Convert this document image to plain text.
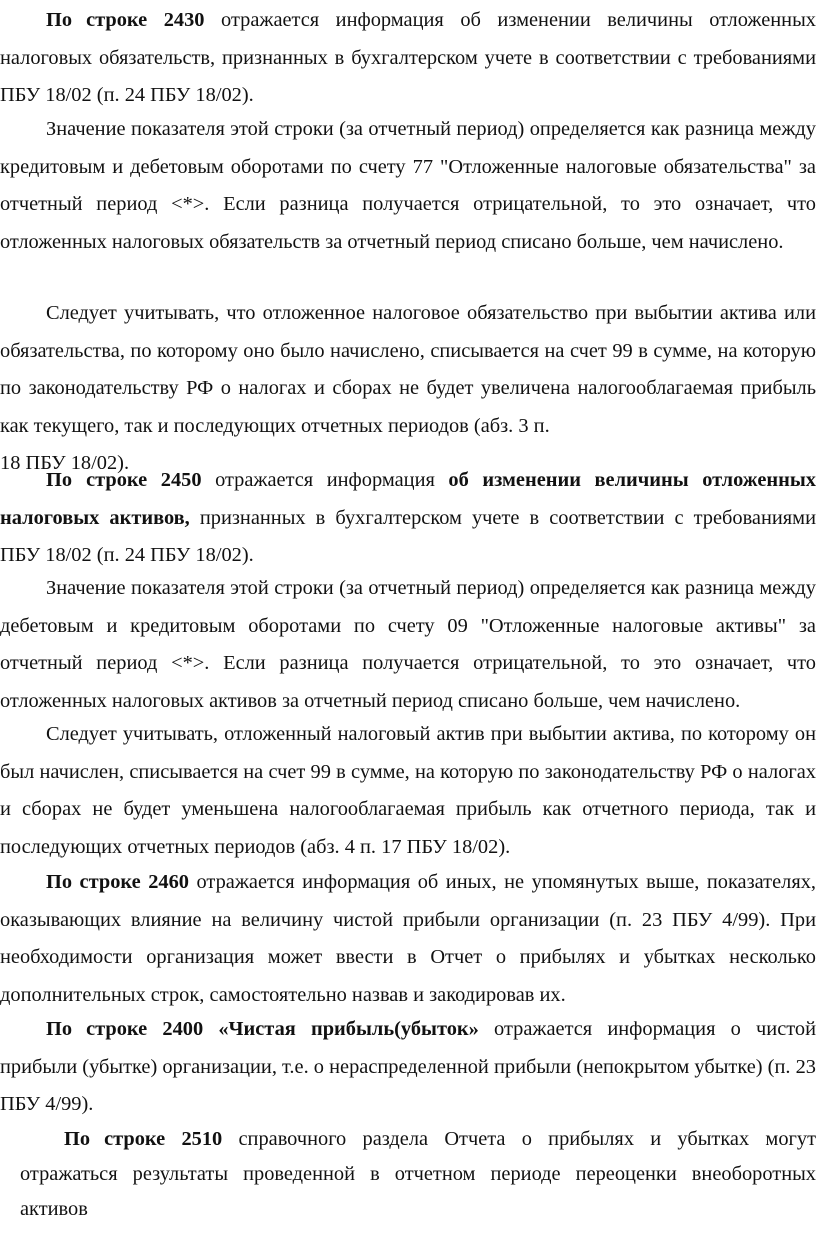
По строке 2430 отражается информация об изменении величины отложенных налоговых обязательств, признанных в бухгалтерском учете в соответствии с требованиями ПБУ 18/02 (п. 24 ПБУ 18/02).

Значение показателя этой строки (за отчетный период) определяется как разница между кредитовым и дебетовым оборотами по счету 77 "Отложенные налоговые обязательства" за отчетный период <*>. Если разница получается отрицательной, то это означает, что отложенных налоговых обязательств за отчетный период списано больше, чем начислено.

Следует учитывать, что отложенное налоговое обязательство при выбытии актива или обязательства, по которому оно было начислено, списывается на счет 99 в сумме, на которую по законодательству РФ о налогах и сборах не будет увеличена налогооблагаемая прибыль как текущего, так и последующих отчетных периодов (абз. 3 п.
18 ПБУ 18/02).

По строке 2450 отражается информация об изменении величины отложенных налоговых активов, признанных в бухгалтерском учете в соответствии с требованиями ПБУ 18/02 (п. 24 ПБУ 18/02).

Значение показателя этой строки (за отчетный период) определяется как разница между дебетовым и кредитовым оборотами по счету 09 "Отложенные налоговые активы" за отчетный период <*>. Если разница получается отрицательной, то это означает, что отложенных налоговых активов за отчетный период списано больше, чем начислено.

Следует учитывать, отложенный налоговый актив при выбытии актива, по которому он был начислен, списывается на счет 99 в сумме, на которую по законодательству РФ о налогах и сборах не будет уменьшена налогооблагаемая прибыль как отчетного периода, так и последующих отчетных периодов (абз. 4 п. 17 ПБУ 18/02).

По строке 2460 отражается информация об иных, не упомянутых выше, показателях, оказывающих влияние на величину чистой прибыли организации (п. 23 ПБУ 4/99). При необходимости организация может ввести в Отчет о прибылях и убытках несколько дополнительных строк, самостоятельно назвав и закодировав их.

По строке 2400 «Чистая прибыль(убыток» отражается информация о чистой прибыли (убытке) организации, т.е. о нераспределенной прибыли (непокрытом убытке) (п. 23 ПБУ 4/99).

По строке 2510 справочного раздела Отчета о прибылях и убытках могут отражаться результаты проведенной в отчетном периоде переоценки внеоборотных активов
